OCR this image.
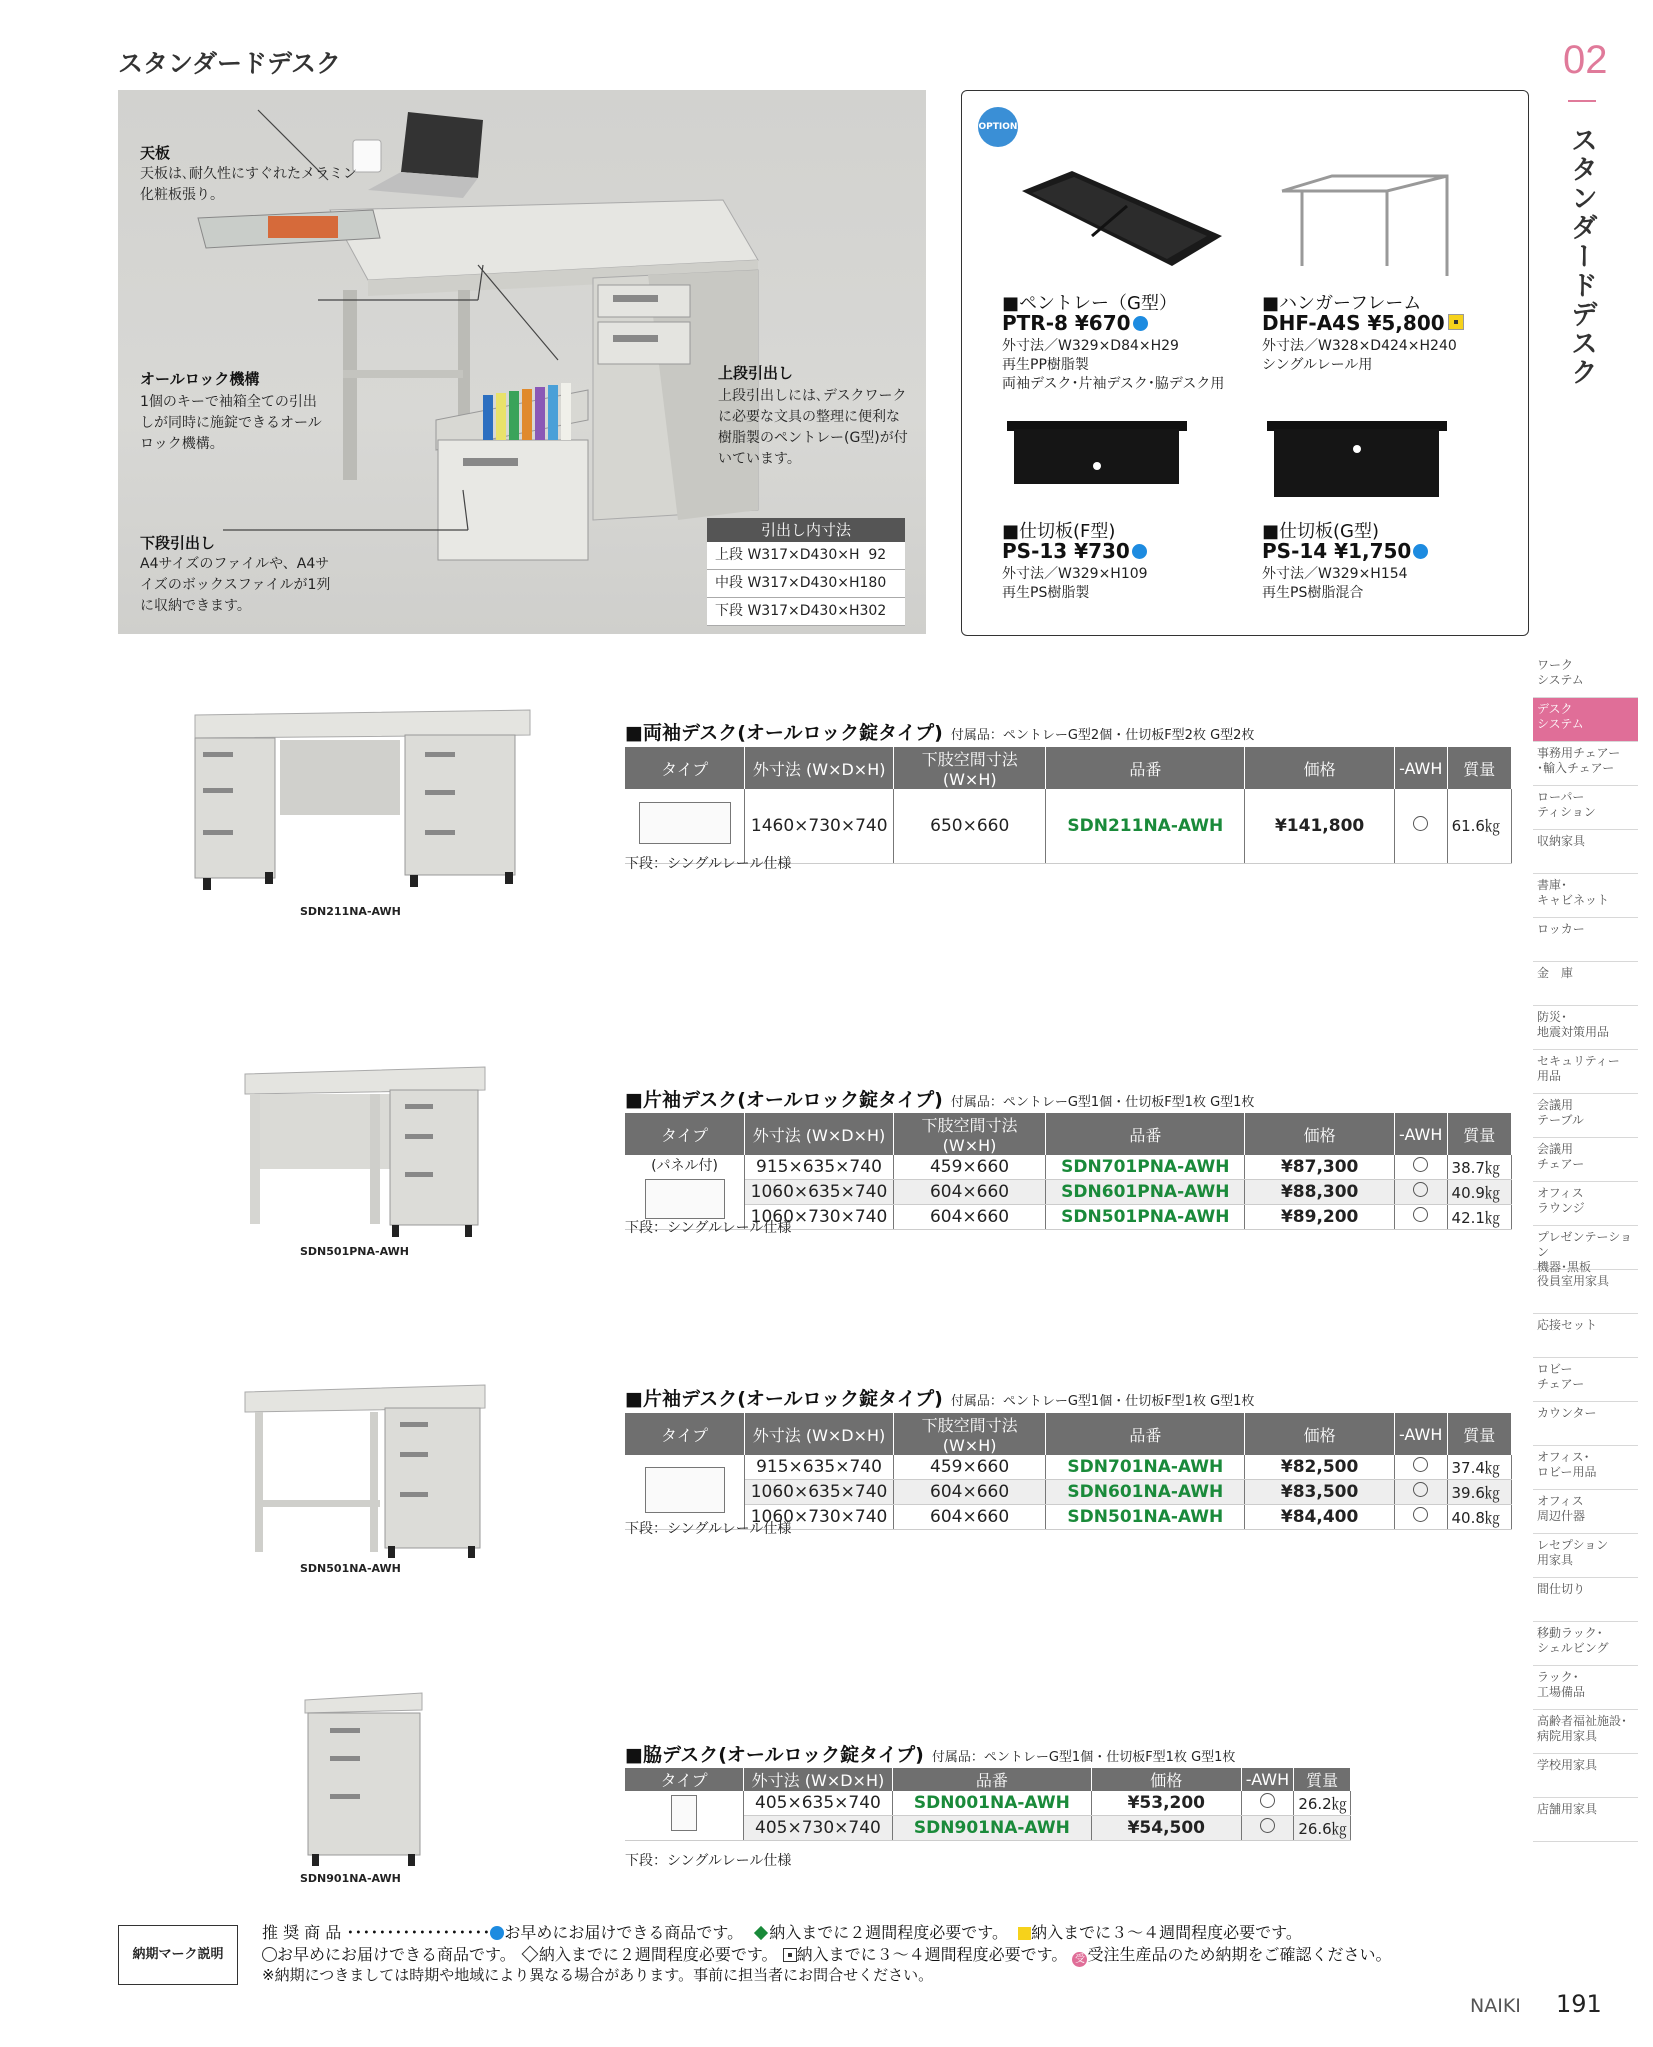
スタンダードデスク	02
スタンダードデスク
天板
天板は､耐久性にすぐれたメラミン化粧板張り。
オールロック機構
1個のキーで袖箱全ての引出しが同時に施錠できるオールロック機構。
下段引出し
A4サイズのファイルや、A4サイズのボックスファイルが1列に収納できます。
上段引出し
上段引出しには､デスクワークに必要な文具の整理に便利な樹脂製のペントレー(G型)が付いています。
引出し内寸法
上段 W317×D430×H  92
中段 W317×D430×H180
下段 W317×D430×H302
OPTION
■ペントレー（G型）
PTR-8 ¥670
外寸法／W329×D84×H29
再生PP樹脂製
両袖デスク･片袖デスク･脇デスク用
■ハンガーフレーム
DHF-A4S ¥5,800
外寸法／W328×D424×H240
シングルレール用
■仕切板(F型)
PS-13 ¥730
外寸法／W329×H109
再生PS樹脂製
■仕切板(G型)
PS-14 ¥1,750
外寸法／W329×H154
再生PS樹脂混合
ワーク
システム
デスク
システム
事務用チェアー
･輸入チェアー
ローパー
ティション
収納家具
書庫･
キャビネット
ロッカー
金　庫
防災･
地震対策用品
セキュリティー
用品
会議用
テーブル
会議用
チェアー
オフィス
ラウンジ
プレゼンテーション
機器･黒板
役員室用家具
応接セット
ロビー
チェアー
カウンター
オフィス･
ロビー用品
オフィス
周辺什器
レセプション
用家具
間仕切り
移動ラック･
シェルビング
ラック･
工場備品
高齢者福祉施設･
病院用家具
学校用家具
店舗用家具
SDN211NA-AWH
■両袖デスク(オールロック錠タイプ) 付属品：ペントレーG型2個・仕切板F型2枚 G型2枚
タイプ	外寸法 (W×D×H)	下肢空間寸法 (W×H)	品番	価格	-AWH	質量
	1460×730×740	650×660	SDN211NA-AWH	¥141,800		61.6㎏
下段：シングルレール仕様
SDN501PNA-AWH
■片袖デスク(オールロック錠タイプ) 付属品：ペントレーG型1個・仕切板F型1枚 G型1枚
タイプ	外寸法 (W×D×H)	下肢空間寸法 (W×H)	品番	価格	-AWH	質量

(パネル付)	915×635×740	459×660	SDN701PNA-AWH	¥87,300		38.7㎏
	1060×635×740	604×660	SDN601PNA-AWH	¥88,300		40.9㎏
	1060×730×740	604×660	SDN501PNA-AWH	¥89,200		42.1㎏
下段：シングルレール仕様
SDN501NA-AWH
■片袖デスク(オールロック錠タイプ) 付属品：ペントレーG型1個・仕切板F型1枚 G型1枚
タイプ	外寸法 (W×D×H)	下肢空間寸法 (W×H)	品番	価格	-AWH	質量
	915×635×740	459×660	SDN701NA-AWH	¥82,500		37.4㎏
	1060×635×740	604×660	SDN601NA-AWH	¥83,500		39.6㎏
	1060×730×740	604×660	SDN501NA-AWH	¥84,400		40.8㎏
下段：シングルレール仕様
SDN901NA-AWH
■脇デスク(オールロック錠タイプ) 付属品：ペントレーG型1個・仕切板F型1枚 G型1枚
タイプ	外寸法 (W×D×H)	品番	価格	-AWH	質量
	405×635×740	SDN001NA-AWH	¥53,200		26.2㎏
	405×730×740	SDN901NA-AWH	¥54,500		26.6㎏
下段：シングルレール仕様
納期マーク説明
推 奨 商 品 ･･････････････････ お早めにお届けできる商品です。 納入までに２週間程度必要です。 納入までに３～４週間程度必要です。
お早めにお届けできる商品です。 納入までに２週間程度必要です。 納入までに３～４週間程度必要です。 受 受注生産品のため納期をご確認ください。
※納期につきましては時期や地域により異なる場合があります。事前に担当者にお問合せください。
NAIKI 191
